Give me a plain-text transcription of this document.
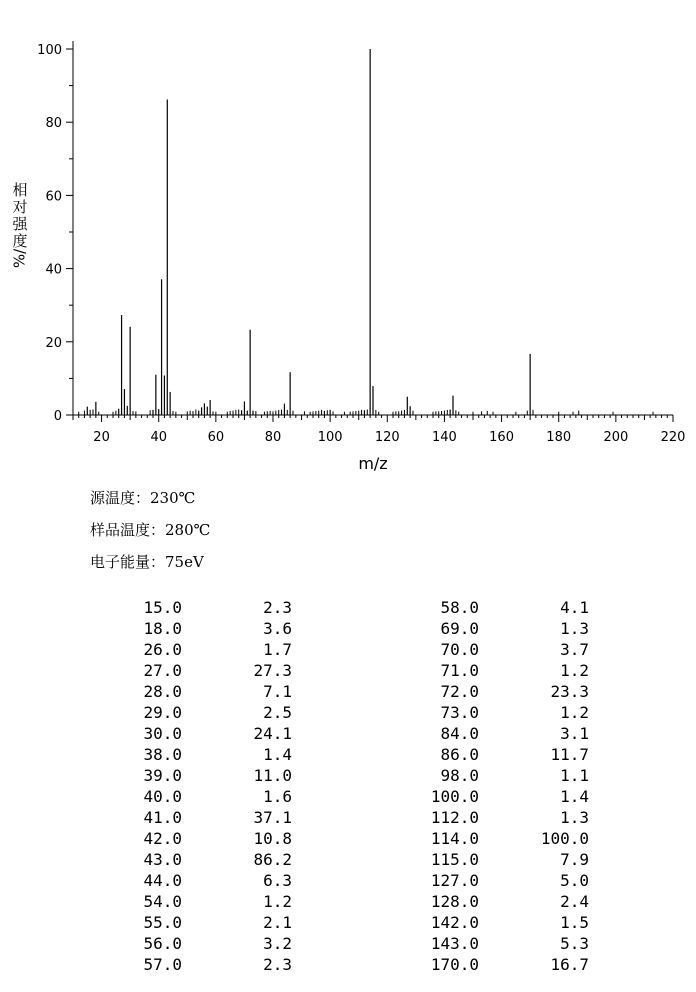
0
20
40
60
80
100
20	40	60	80	100 120 140 160 180 200 220
m/z
相
对
强
度
%/
源温度：230℃
样品温度：280℃
电子能量：75eV
15.0	2.3	58.0	4.1
18.0	3.6	69.0	1.3
26.0	1.7	70.0	3.7
27.0	27.3	71.0	1.2
28.0	7.1	72.0	23.3
29.0	2.5	73.0	1.2
30.0	24.1	84.0	3.1
38.0	1.4	86.0	11.7
39.0	11.0	98.0	1.1
40.0	1.6	100.0	1.4
41.0	37.1	112.0	1.3
42.0	10.8	114.0	100.0
43.0	86.2	115.0	7.9
44.0	6.3	127.0	5.0
54.0	1.2	128.0	2.4
55.0	2.1	142.0	1.5
56.0	3.2	143.0	5.3
57.0	2.3	170.0	16.7
